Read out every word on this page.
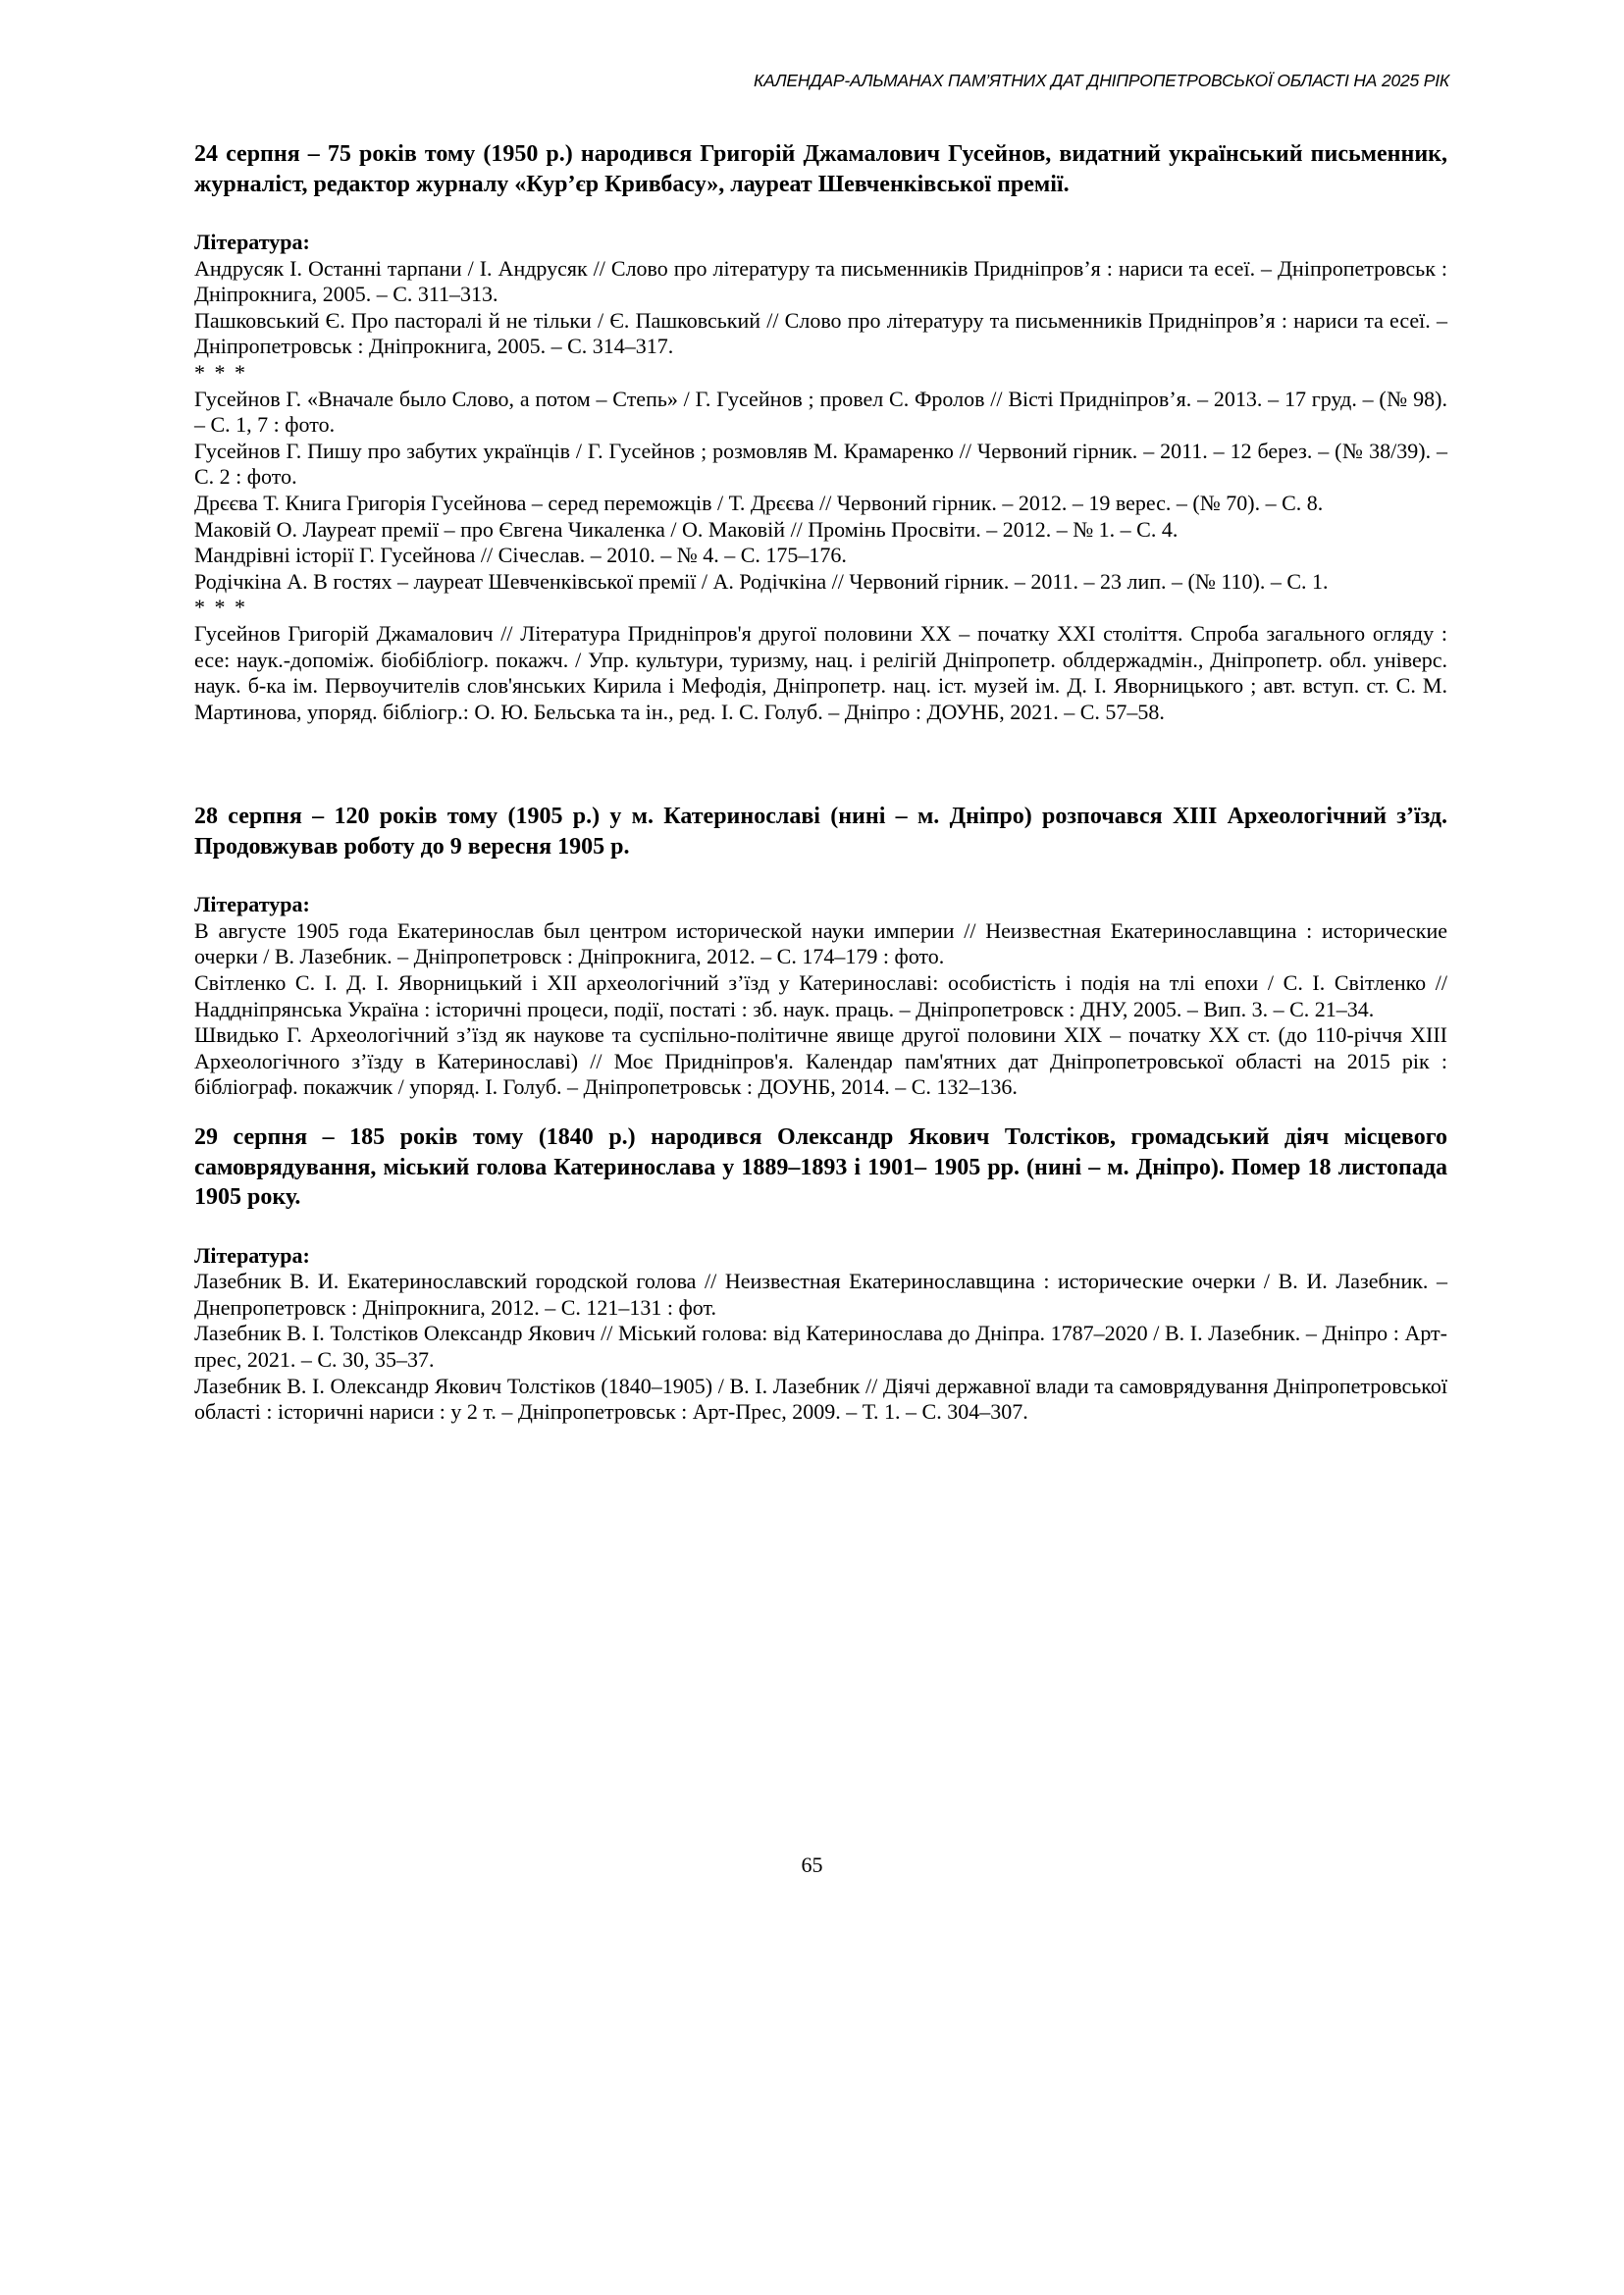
КАЛЕНДАР-АЛЬМАНАХ ПАМ’ЯТНИХ ДАТ ДНІПРОПЕТРОВСЬКОЇ ОБЛАСТІ НА 2025 РІК

24 серпня – 75 років тому (1950 р.) народився Григорій Джамалович Гусейнов, видатний український письменник, журналіст, редактор журналу «Кур’єр Кривбасу», лауреат Шевченківської премії.

Література:

Андрусяк І. Останні тарпани / І. Андрусяк // Слово про літературу та письменників Придніпров’я : нариси та есеї. – Дніпропетровськ : Дніпрокнига, 2005. – С. 311–313.

Пашковський Є. Про пасторалі й не тільки / Є. Пашковський // Слово про літературу та письменників Придніпров’я : нариси та есеї. – Дніпропетровськ : Дніпрокнига, 2005. – С. 314–317.

* * *

Гусейнов Г. «Вначале было Слово, а потом – Степь» / Г. Гусейнов ; провел С. Фролов // Вісті Придніпров’я. – 2013. – 17 груд. – (№ 98). – С. 1, 7 : фото.

Гусейнов Г. Пишу про забутих українців / Г. Гусейнов ; розмовляв М. Крамаренко // Червоний гірник. – 2011. – 12 берез. – (№ 38/39). – С. 2 : фото.

Дрєєва Т. Книга Григорія Гусейнова – серед переможців / Т. Дрєєва // Червоний гірник. – 2012. – 19 верес. – (№ 70). – С. 8.

Маковій О. Лауреат премії – про Євгена Чикаленка / О. Маковій // Промінь Просвіти. – 2012. – № 1. – С. 4.

Мандрівні історії Г. Гусейнова // Січеслав. – 2010. – № 4. – С. 175–176.

Родічкіна А. В гостях – лауреат Шевченківської премії / А. Родічкіна // Червоний гірник. – 2011. – 23 лип. – (№ 110). – С. 1.

* * *

Гусейнов Григорій Джамалович // Література Придніпров'я другої половини ХХ – початку ХХІ століття. Спроба загального огляду : есе: наук.-допоміж. біобібліогр. покажч. / Упр. культури, туризму, нац. і релігій Дніпропетр. облдержадмін., Дніпропетр. обл. універс. наук. б-ка ім. Первоучителів слов'янських Кирила і Мефодія, Дніпропетр. нац. іст. музей ім. Д. І. Яворницького ; авт. вступ. ст. С. М. Мартинова, упоряд. бібліогр.: О. Ю. Бельська та ін., ред. І. С. Голуб. – Дніпро : ДОУНБ, 2021. – С. 57–58.

28 серпня – 120 років тому (1905 р.) у м. Катеринославі (нині – м. Дніпро) розпочався XIII Археологічний з’їзд. Продовжував роботу до 9 вересня 1905 р.

Література:

В августе 1905 года Екатеринослав был центром исторической науки империи // Неизвестная Екатеринославщина : исторические очерки / В. Лазебник. – Дніпропетровск : Дніпрокнига, 2012. – С. 174–179 : фото.

Світленко С. І. Д. І. Яворницький і XII археологічний з’їзд у Катеринославі: особистість і подія на тлі епохи / С. І. Світленко // Наддніпрянська Україна : історичні процеси, події, постаті : зб. наук. праць. – Дніпропетровск : ДНУ, 2005. – Вип. 3. – С. 21–34.

Швидько Г. Археологічний з’їзд як наукове та суспільно-політичне явище другої половини XIX – початку XX ст. (до 110-річчя XIII Археологічного з’їзду в Катеринославі) // Моє Придніпров'я. Календар пам'ятних дат Дніпропетровської області на 2015 рік : бібліограф. покажчик / упоряд. І. Голуб. – Дніпропетровськ : ДОУНБ, 2014. – С. 132–136.

29 серпня – 185 років тому (1840 р.) народився Олександр Якович Толстіков, громадський діяч місцевого самоврядування, міський голова Катеринослава у 1889–1893 і 1901– 1905 рр. (нині – м. Дніпро). Помер 18 листопада 1905 року.

Література:

Лазебник В. И. Екатеринославский городской голова // Неизвестная Екатеринославщина : исторические очерки / В. И. Лазебник. – Днепропетровск : Дніпрокнига, 2012. – С. 121–131 : фот.

Лазебник В. І. Толстіков Олександр Якович // Міський голова: від Катеринослава до Дніпра. 1787–2020 / В. І. Лазебник. – Дніпро : Арт-прес, 2021. – С. 30, 35–37.

Лазебник В. І. Олександр Якович Толстіков (1840–1905) / В. І. Лазебник // Діячі державної влади та самоврядування Дніпропетровської області : історичні нариси : у 2 т. – Дніпропетровськ : Арт-Прес, 2009. – Т. 1. – С. 304–307.

65
